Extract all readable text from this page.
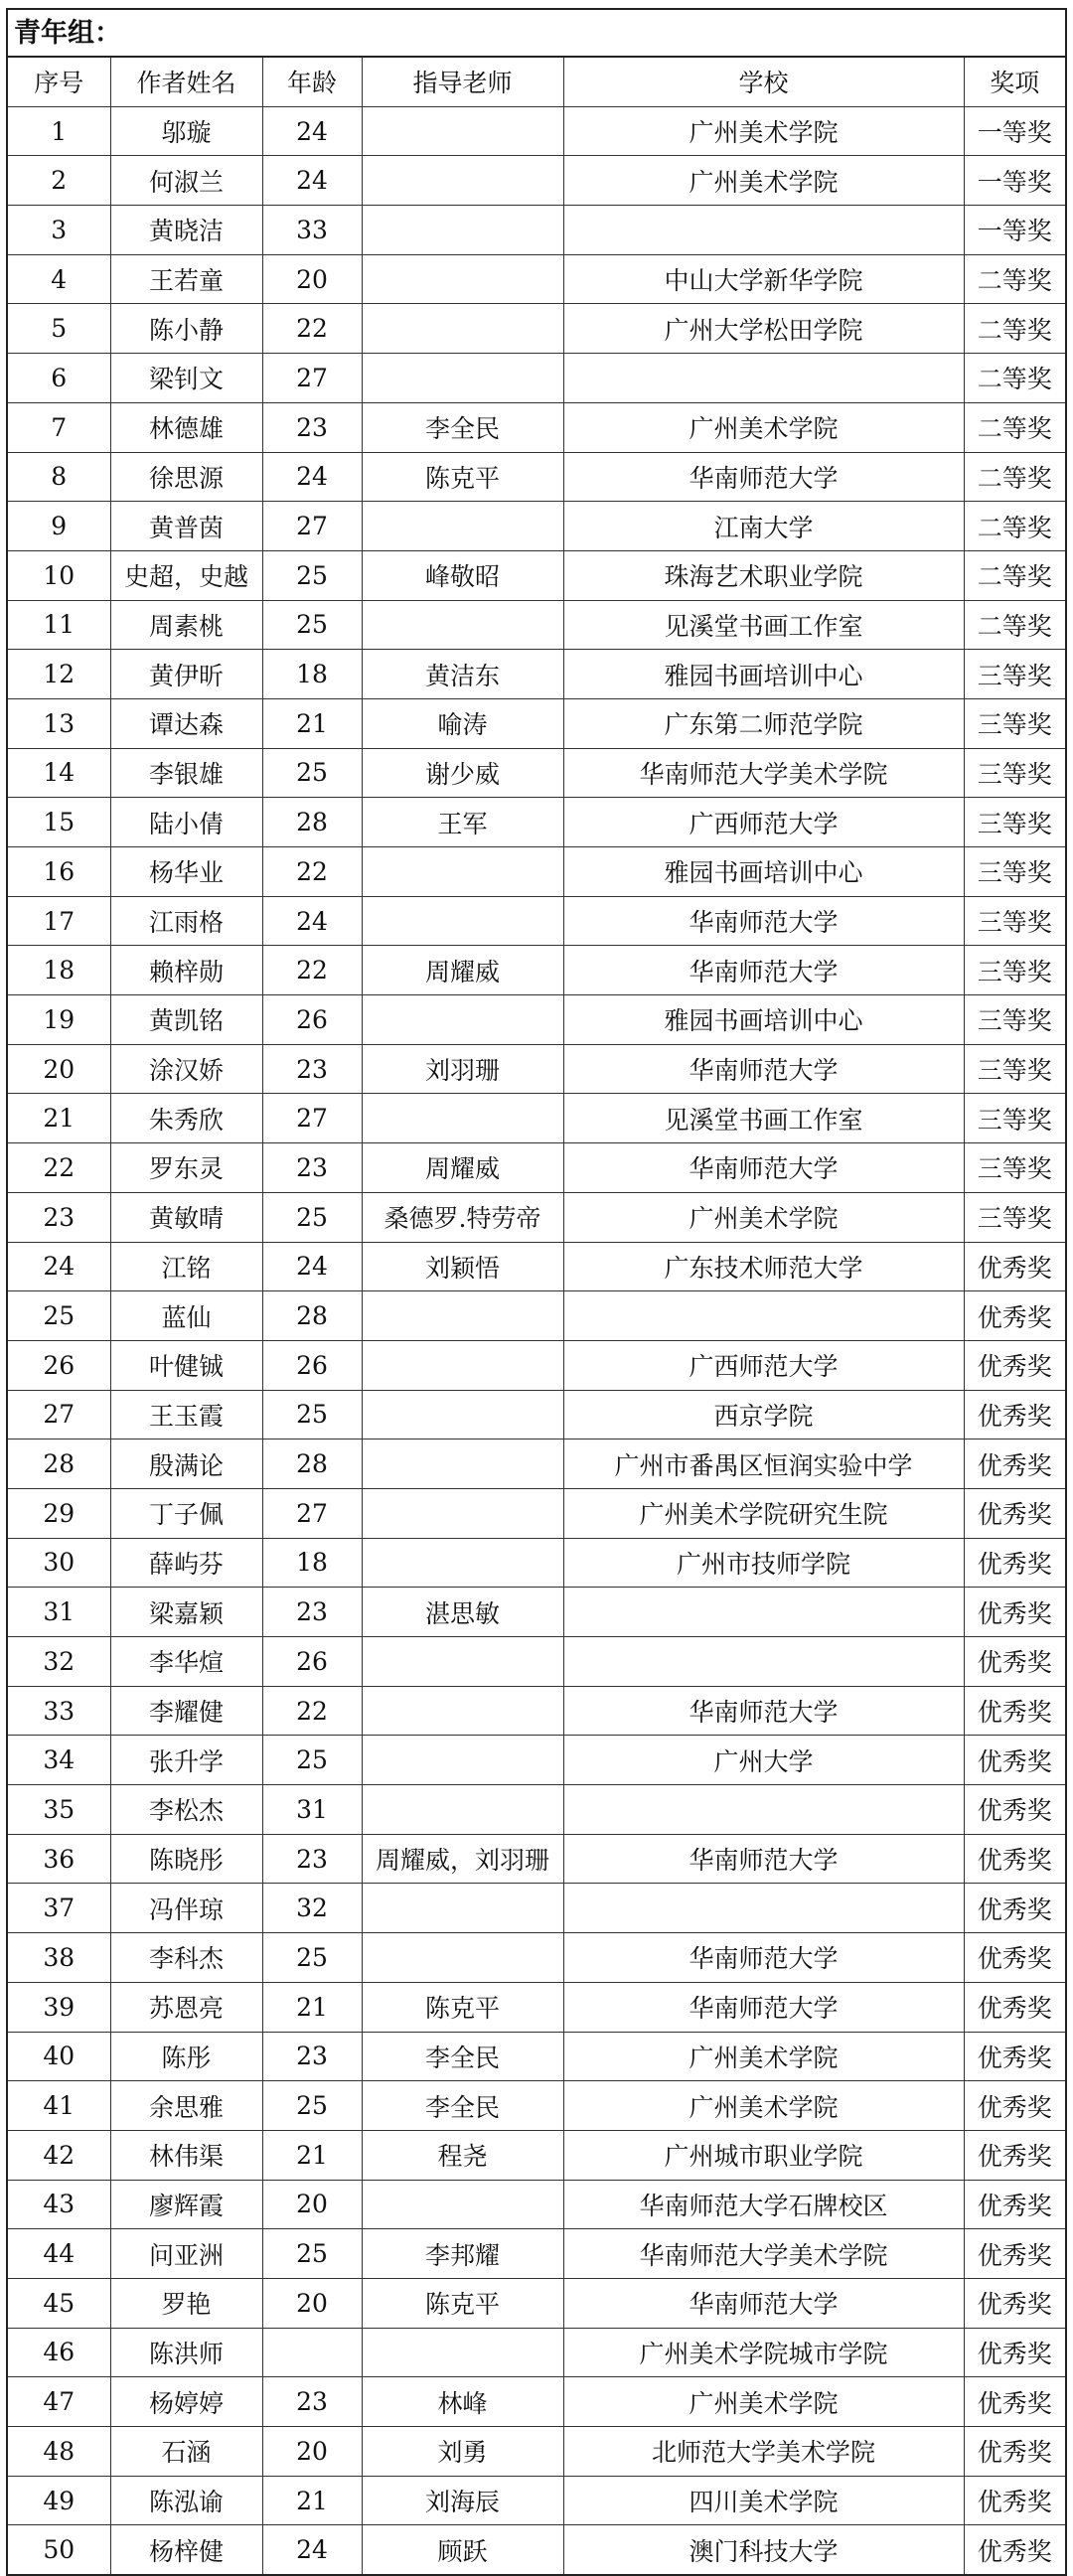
青年组：
序号	作者姓名	年龄	指导老师	学校	奖项
1	邬璇	24		广州美术学院	一等奖
2	何淑兰	24		广州美术学院	一等奖
3	黄晓洁	33			一等奖
4	王若童	20		中山大学新华学院	二等奖
5	陈小静	22		广州大学松田学院	二等奖
6	梁钊文	27			二等奖
7	林德雄	23	李全民	广州美术学院	二等奖
8	徐思源	24	陈克平	华南师范大学	二等奖
9	黄普茵	27		江南大学	二等奖
10	史超，史越	25	峰敬昭	珠海艺术职业学院	二等奖
11	周素桃	25		见溪堂书画工作室	二等奖
12	黄伊昕	18	黄洁东	雅园书画培训中心	三等奖
13	谭达森	21	喻涛	广东第二师范学院	三等奖
14	李银雄	25	谢少威	华南师范大学美术学院	三等奖
15	陆小倩	28	王军	广西师范大学	三等奖
16	杨华业	22		雅园书画培训中心	三等奖
17	江雨格	24		华南师范大学	三等奖
18	赖梓勋	22	周耀威	华南师范大学	三等奖
19	黄凯铭	26		雅园书画培训中心	三等奖
20	涂汉娇	23	刘羽珊	华南师范大学	三等奖
21	朱秀欣	27		见溪堂书画工作室	三等奖
22	罗东灵	23	周耀威	华南师范大学	三等奖
23	黄敏晴	25	桑德罗.特劳帝	广州美术学院	三等奖
24	江铭	24	刘颖悟	广东技术师范大学	优秀奖
25	蓝仙	28			优秀奖
26	叶健铖	26		广西师范大学	优秀奖
27	王玉霞	25		西京学院	优秀奖
28	殷满论	28		广州市番禺区恒润实验中学	优秀奖
29	丁子佩	27		广州美术学院研究生院	优秀奖
30	薛屿芬	18		广州市技师学院	优秀奖
31	梁嘉颖	23	湛思敏		优秀奖
32	李华煊	26			优秀奖
33	李耀健	22		华南师范大学	优秀奖
34	张升学	25		广州大学	优秀奖
35	李松杰	31			优秀奖
36	陈晓彤	23	周耀威，刘羽珊	华南师范大学	优秀奖
37	冯伴琼	32			优秀奖
38	李科杰	25		华南师范大学	优秀奖
39	苏恩亮	21	陈克平	华南师范大学	优秀奖
40	陈彤	23	李全民	广州美术学院	优秀奖
41	余思雅	25	李全民	广州美术学院	优秀奖
42	林伟渠	21	程尧	广州城市职业学院	优秀奖
43	廖辉霞	20		华南师范大学石牌校区	优秀奖
44	问亚洲	25	李邦耀	华南师范大学美术学院	优秀奖
45	罗艳	20	陈克平	华南师范大学	优秀奖
46	陈洪师			广州美术学院城市学院	优秀奖
47	杨婷婷	23	林峰	广州美术学院	优秀奖
48	石涵	20	刘勇	北师范大学美术学院	优秀奖
49	陈泓谕	21	刘海辰	四川美术学院	优秀奖
50	杨梓健	24	顾跃	澳门科技大学	优秀奖
